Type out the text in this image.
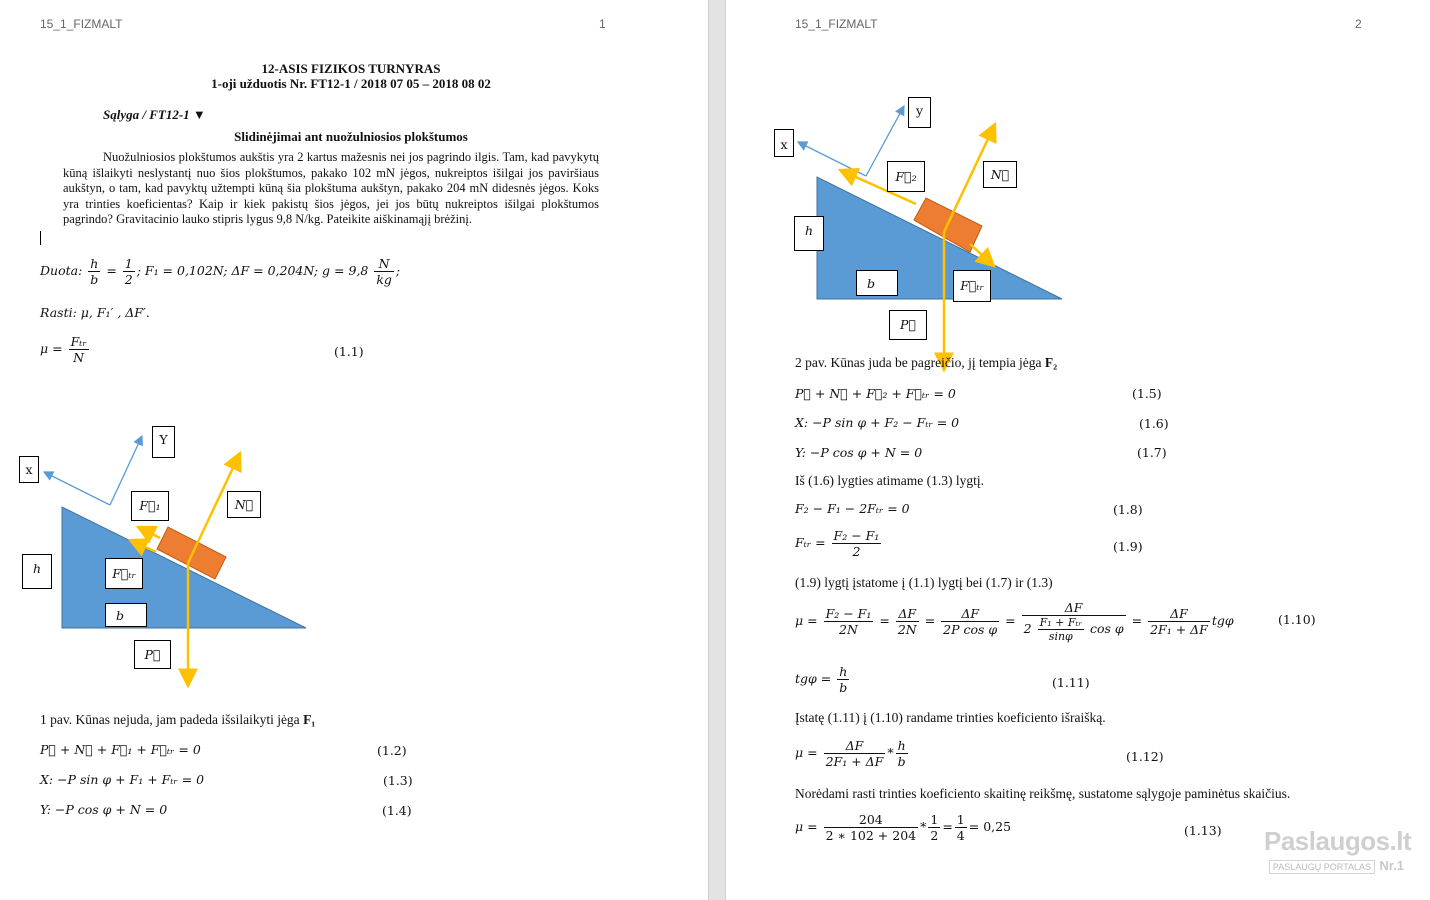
15_1_FIZMALT	1
12-ASIS FIZIKOS TURNYRAS
1-oji užduotis Nr. FT12-1 / 2018 07 05 – 2018 08 02
Sąlyga / FT12-1 ▼
Slidinėjimai ant nuožulniosios plokštumos
Nuožulniosios plokštumos aukštis yra 2 kartus mažesnis nei jos pagrindo ilgis. Tam, kad pavykytų kūną išlaikyti neslystantį nuo šios plokštumos, pakako 102 mN jėgos, nukreiptos išilgai jos paviršiaus aukštyn, o tam, kad pavyktų užtempti kūną šia plokštuma aukštyn, pakako 204 mN didesnės jėgos. Koks yra trinties koeficientas? Kaip ir kiek pakistų šios jėgos, jei jos būtų nukreiptos išilgai plokštumos pagrindo? Gravitacinio lauko stipris lygus 9,8 N/kg. Pateikite aiškinamąjį brėžinį.
Duota: $\frac{h}{b} = \frac{1}{2}$ ; F₁ = 0,102N; ΔF = 0,204N; $g = 9,8 \frac{N}{kg}$ ;
Rasti: μ, F₁′ , ΔF′.
$\mu = \frac{\text{Fₜᵣ}}{N}$	(1.1)
x
Y
F⃗₁	N⃗
h	F⃗ₜᵣ
b
P⃗
1 pav. Kūnas nejuda, jam padeda išsilaikyti jėga F₁
P⃗ + N⃗ + F⃗₁ + F⃗ₜᵣ = 0	(1.2)
X: −P sin φ + F₁ + Fₜᵣ = 0	(1.3)
Y: −P cos φ + N = 0	(1.4)
15_1_FIZMALT	2
x
y
F⃗₂	N⃗
h
b	F⃗ₜᵣ
P⃗
2 pav. Kūnas juda be pagreičio, jį tempia jėga F₂
P⃗ + N⃗ + F⃗₂ + F⃗ₜᵣ = 0	(1.5)
X: −P sin φ + F₂ − Fₜᵣ = 0	(1.6)
Y: −P cos φ + N = 0	(1.7)
Iš (1.6) lygties atimame (1.3) lygtį.
F₂ − F₁ − 2Fₜᵣ = 0	(1.8)
Fₜᵣ = $\frac{\text{F₂ − F₁}}{2}$	(1.9)
(1.9) lygtį įstatome į (1.1) lygtį bei (1.7) ir (1.3)
$\mu = \frac{\text{F₂ − F₁}}{2N} = \frac{\Delta F}{2N} = \frac{\Delta F}{\text{2P cos φ}} = \frac{\Delta F}{2 \frac{\text{F₁ + Fₜᵣ}}{\sin\varphi} \cos \varphi} = \frac{\Delta F}{\text{2F₁ + ΔF}}$ tgφ	(1.10)
$tg\varphi = \frac{h}{b}$	(1.11)
Įstatę (1.11) į (1.10) randame trinties koeficiento išraišką.
$\mu = \frac{\Delta F}{\text{2F₁ + ΔF}} * \frac{h}{b}$	(1.12)
Norėdami rasti trinties koeficiento skaitinę reikšmę, sustatome sąlygoje paminėtus skaičius.
$\mu = \frac{204}{2 ∗ 102 + 204} * \frac{1}{2} = \frac{1}{4} = 0,25$	(1.13) Paslaugos.lt
PASLAUGŲ PORTALAS Nr.1
